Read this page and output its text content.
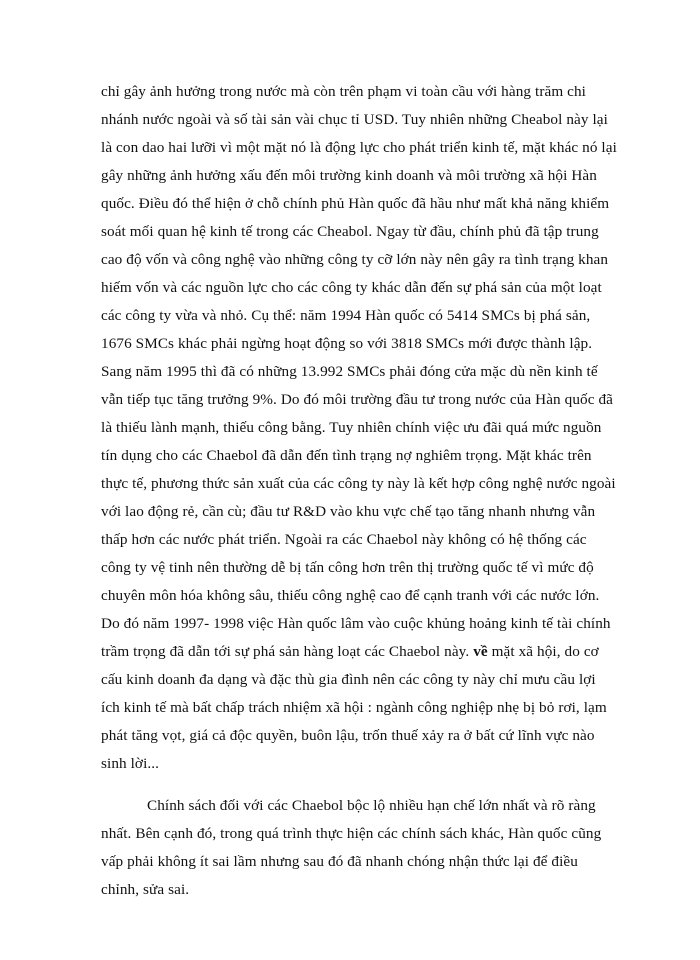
chỉ gây ảnh hưởng trong nước mà còn trên phạm vi toàn cầu với hàng trăm chi
nhánh nước ngoài và số tài sản vài chục tỉ USD. Tuy nhiên những Cheabol này lại
là con dao hai lưỡi vì một mặt nó là động lực cho phát triển kinh tế, mặt khác nó lại
gây những ảnh hưởng xấu đến môi trường kinh doanh và môi trường xã hội Hàn
quốc. Điều đó thể hiện ở chỗ chính phủ Hàn quốc đã hầu như mất khả năng khiểm
soát mối quan hệ kinh tế trong các Cheabol. Ngay từ đầu, chính phủ đã tập trung
cao độ vốn và công nghệ vào những công ty cỡ lớn này nên gây ra tình trạng khan
hiếm vốn và các nguồn lực cho các công ty khác dẫn đến sự phá sản của một loạt
các công ty vừa và nhỏ. Cụ thể: năm 1994 Hàn quốc có 5414 SMCs bị phá sản,
1676 SMCs khác phải ngừng hoạt động so với 3818 SMCs mới được thành lập.
Sang năm 1995 thì đã có những 13.992 SMCs phải đóng cửa mặc dù nền kinh tế
vẫn tiếp tục tăng trưởng 9%. Do đó môi trường đầu tư trong nước của Hàn quốc đã
là thiếu lành mạnh, thiếu công bằng. Tuy nhiên chính việc ưu đãi quá mức nguồn
tín dụng cho các Chaebol đã dẫn đến tình trạng nợ nghiêm trọng. Mặt khác trên
thực tế, phương thức sản xuất của các công ty này là kết hợp công nghệ nước ngoài
với lao động rẻ, cần cù; đầu tư R&D vào khu vực chế tạo tăng nhanh nhưng vẫn
thấp hơn các nước phát triển. Ngoài ra các Chaebol này không có hệ thống các
công ty vệ tinh nên thường dễ bị tấn công hơn trên thị trường quốc tế vì mức độ
chuyên môn hóa không sâu, thiếu công nghệ cao để cạnh tranh với các nước lớn.
Do đó năm 1997- 1998 việc Hàn quốc lâm vào cuộc khủng hoảng kinh tế tài chính
trầm trọng đã dẫn tới sự phá sản hàng loạt các Chaebol này. về mặt xã hội, do cơ
cấu kinh doanh đa dạng và đặc thù gia đình nên các công ty này chỉ mưu cầu lợi
ích kinh tế mà bất chấp trách nhiệm xã hội : ngành công nghiệp nhẹ bị bỏ rơi, lạm
phát tăng vọt, giá cả độc quyền, buôn lậu, trốn thuế xảy ra ở bất cứ lĩnh vực nào
sinh lời...
Chính sách đối với các Chaebol bộc lộ nhiều hạn chế lớn nhất và rõ ràng
nhất. Bên cạnh đó, trong quá trình thực hiện các chính sách khác, Hàn quốc cũng
vấp phải không ít sai lầm nhưng sau đó đã nhanh chóng nhận thức lại để điều
chỉnh, sửa sai.
